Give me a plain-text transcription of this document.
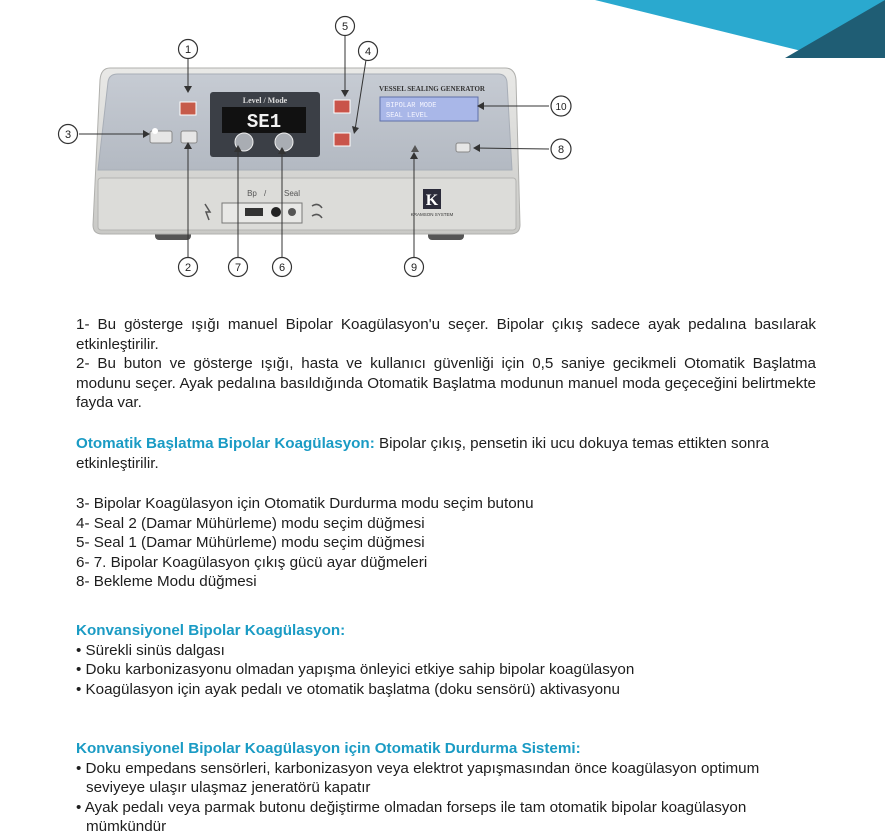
Level / Mode
SE1
VESSEL SEALING GENERATOR
BIPOLAR MODE
SEAL LEVEL
Bp	Seal
/	K
KRAMSON SYSTEM
1
3
5
4
2	7	6	9
8
10

1- Bu gösterge ışığı manuel Bipolar Koagülasyon'u seçer. Bipolar çıkış sadece ayak pedalına basılarak etkinleştirilir.

2- Bu buton ve gösterge ışığı, hasta ve kullanıcı güvenliği için 0,5 saniye gecikmeli Otomatik Başlatma modunu seçer. Ayak pedalına basıldığında Otomatik Başlatma modunun manuel moda geçeceğini belirtmekte fayda var.

Otomatik Başlatma Bipolar Koagülasyon: Bipolar çıkış, pensetin iki ucu dokuya temas ettikten sonra etkinleştirilir.

3- Bipolar Koagülasyon için Otomatik Durdurma modu seçim butonu

4- Seal 2 (Damar Mühürleme) modu seçim düğmesi

5- Seal 1 (Damar Mühürleme) modu seçim düğmesi

6- 7. Bipolar Koagülasyon çıkış gücü ayar düğmeleri

8- Bekleme Modu düğmesi

Konvansiyonel Bipolar Koagülasyon:

• Sürekli sinüs dalgası

• Doku karbonizasyonu olmadan yapışma önleyici etkiye sahip bipolar koagülasyon

• Koagülasyon için ayak pedalı ve otomatik başlatma (doku sensörü) aktivasyonu

Konvansiyonel Bipolar Koagülasyon için Otomatik Durdurma Sistemi:

• Doku empedans sensörleri, karbonizasyon veya elektrot yapışmasından önce koagülasyon optimum

seviyeye ulaşır ulaşmaz jeneratörü kapatır

• Ayak pedalı veya parmak butonu değiştirme olmadan forseps ile tam otomatik bipolar koagülasyon

mümkündür
